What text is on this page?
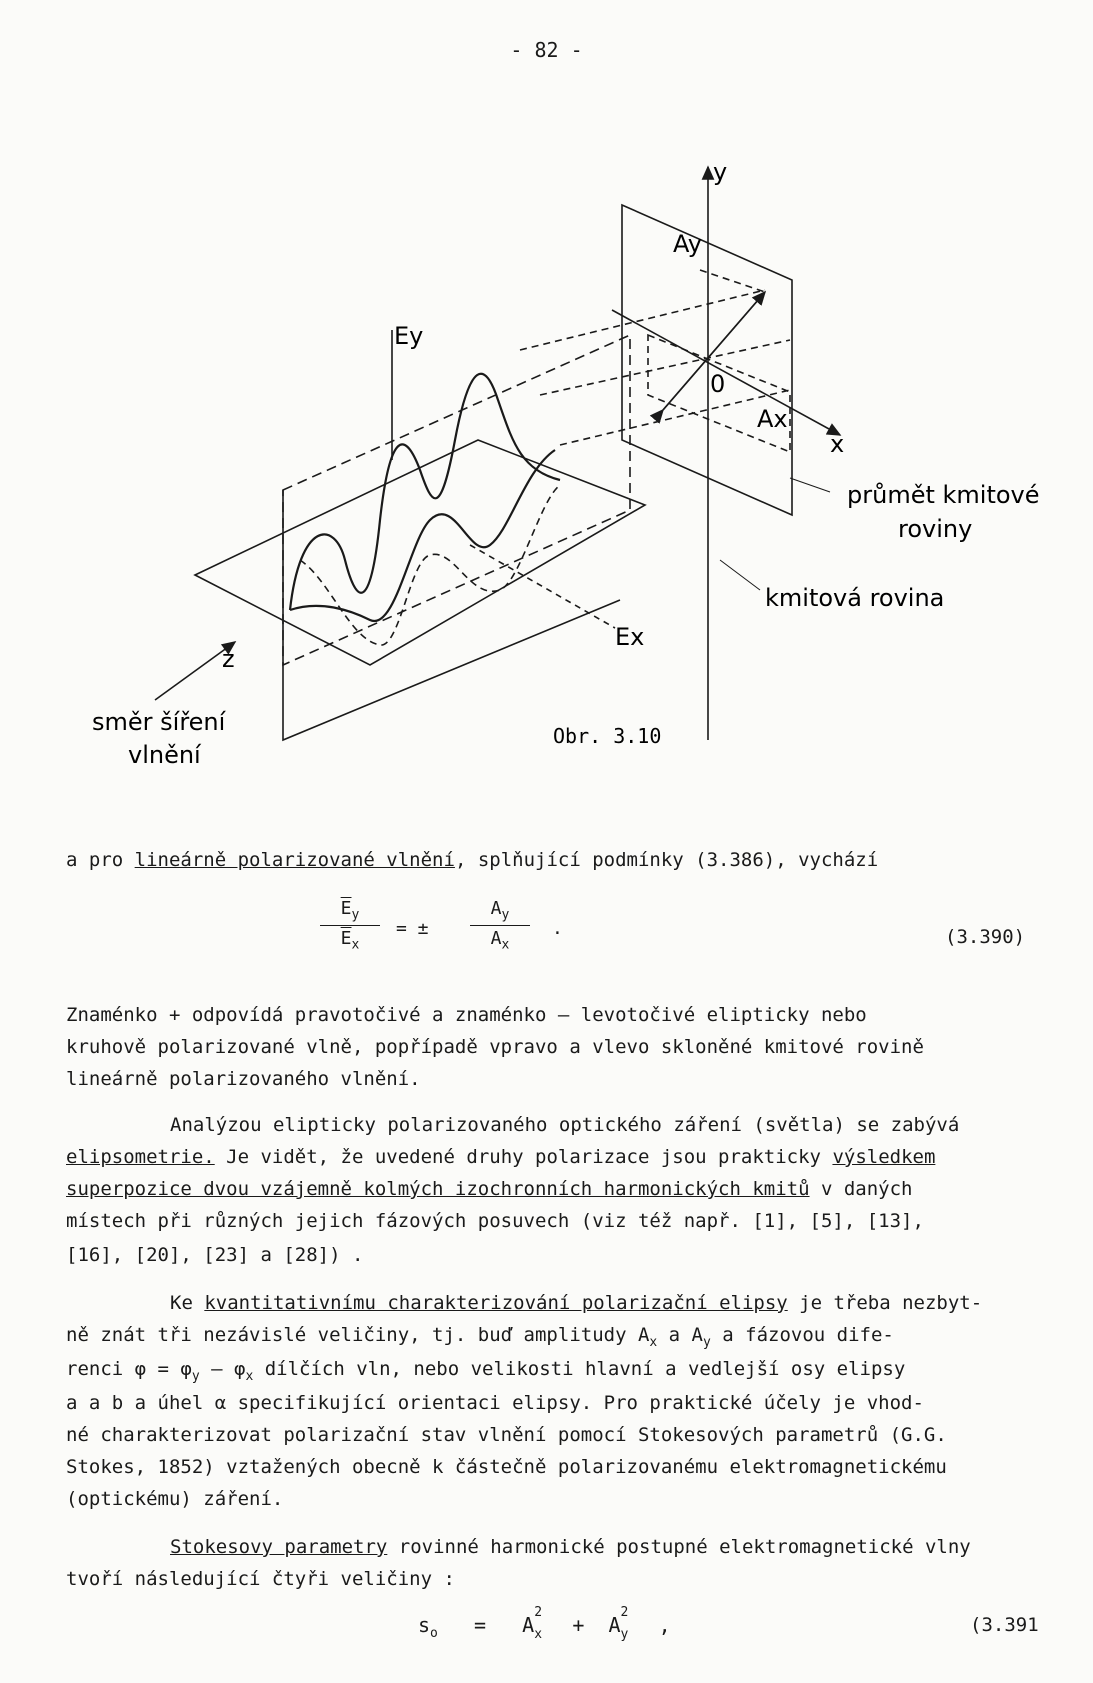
- 82 -
y
Ay
Ey
0
Ax
x
průmět kmitové
roviny
kmitová rovina
Ex
z
směr šíření
vlnění
Obr. 3.10
a pro lineárně polarizované vlnění, splňující podmínky (3.386), vychází
$\frac{\overline{E}_y}{\overline{E}_x}$ = ± $\frac{A_y}{A_x}$ .	(3.390)
Znaménko + odpovídá pravotočivé a znaménko – levotočivé elipticky nebo
kruhově polarizované vlně, popřípadě vpravo a vlevo skloněné kmitové rovině
lineárně polarizovaného vlnění.
Analýzou elipticky polarizovaného optického záření (světla) se zabývá
elipsometrie. Je vidět, že uvedené druhy polarizace jsou prakticky výsledkem
superpozice dvou vzájemně kolmých izochronních harmonických kmitů v daných
místech při různých jejich fázových posuvech (viz též např. [1], [5], [13],
[16], [20], [23] a [28]) .
Ke kvantitativnímu charakterizování polarizační elipsy je třeba nezbyt-
ně znát tři nezávislé veličiny, tj. buď amplitudy $A_x$ a $A_y$ a fázovou dife-
renci $\varphi = \varphi_y - \varphi_x$ dílčích vln, nebo velikosti hlavní a vedlejší osy elipsy
a a b a úhel α specifikující orientaci elipsy. Pro praktické účely je vhod-
né charakterizovat polarizační stav vlnění pomocí Stokesových parametrů (G.G.
Stokes, 1852) vztažených obecně k částečně polarizovanému elektromagnetickému
(optickému) záření.
Stokesovy parametry rovinné harmonické postupné elektromagnetické vlny
tvoří následující čtyři veličiny :
$s_o = A$
2
x + A
2
y ,	(3.391
